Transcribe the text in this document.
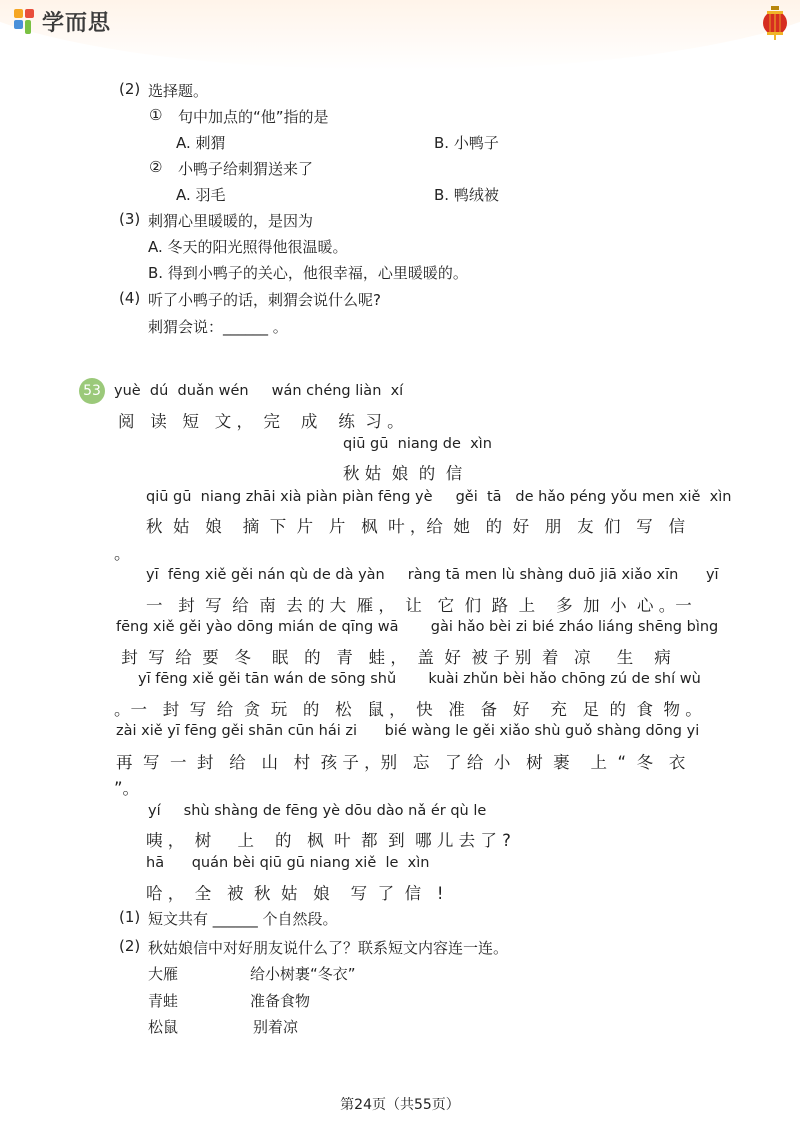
学而思
(2) 选择题。
① 句中加点的“他”指的是
A. 刺猬	B. 小鸭子
② 小鸭子给刺猬送来了
A. 羽毛	B. 鸭绒被
(3) 刺猬心里暖暖的，是因为
A. 冬天的阳光照得他很温暖。
B. 得到小鸭子的关心，他很幸福，心里暖暖的。
(4) 听了小鸭子的话，刺猬会说什么呢?
刺猬会说：______ 。
53 yuè  dú  duǎn wén     wán chéng liàn  xí
阅   读   短   文 ，  完    成    练  习 。
qiū gū  niang de  xìn
秋 姑  娘  的  信
qiū gū  niang zhāi xià piàn piàn fēng yè     gěi  tā   de hǎo péng yǒu men xiě  xìn
秋  姑   娘    摘  下  片   片   枫  叶 ，给  她   的  好   朋   友  们   写   信
。
yī  fēng xiě gěi nán qù de dà yàn     ràng tā men lù shàng duō jiā xiǎo xīn      yī
一   封  写  给  南  去 的 大  雁 ，  让   它  们  路  上    多  加  小  心 。一
fēng xiě gěi yào dōng mián de qīng wā       gài hǎo bèi zi bié zháo liáng shēng bìng
封  写  给  要   冬    眠   的   青   蛙 ，  盖  好  被 子 别  着   凉     生    病
yī fēng xiě gěi tān wán de sōng shǔ       kuài zhǔn bèi hǎo chōng zú de shí wù
。一   封  写  给  贪  玩   的   松   鼠 ，  快   准   备   好    充   足  的  食  物 。
zài xiě yī fēng gěi shān cūn hái zi      bié wàng le gěi xiǎo shù guǒ shàng dōng yi
再  写  一  封   给   山   村  孩 子 ，别   忘   了 给  小   树  裹    上  “  冬   衣
”。
yí     shù shàng de fēng yè dōu dào nǎ ér qù le
咦 ，  树     上    的   枫  叶  都  到  哪 儿 去 了 ?
hā      quán bèi qiū gū niang xiě  le  xìn
哈 ，  全   被  秋  姑   娘    写  了  信   !
(1) 短文共有 ______ 个自然段。
(2) 秋姑娘信中对好朋友说什么了？联系短文内容连一连。
大雁	给小树裹“冬衣”
青蛙	准备食物
松鼠	别着凉
第24页（共55页）
